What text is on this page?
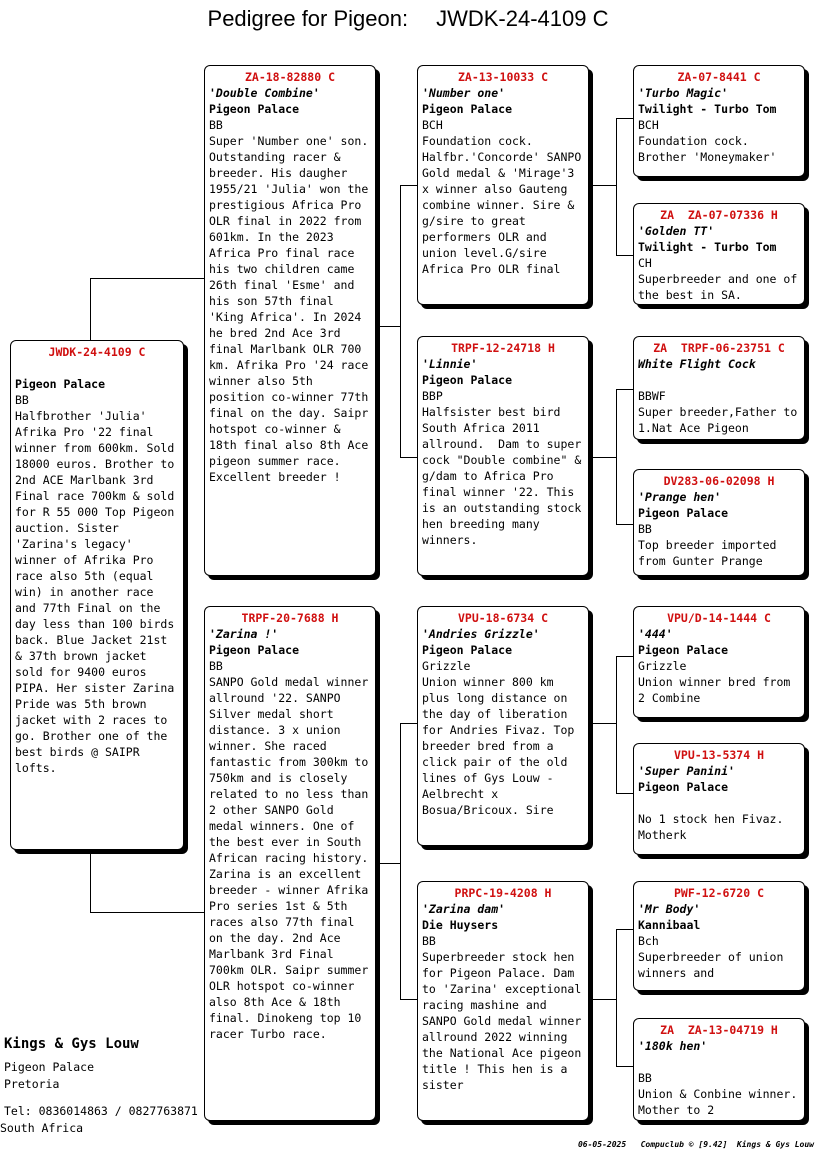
Pedigree for Pigeon: JWDK-24-4109 C
JWDK-24-4109 C
Pigeon Palace
BB
Halfbrother 'Julia' Afrika Pro '22 final winner from 600km. Sold 18000 euros. Brother to 2nd ACE Marlbank 3rd Final race 700km & sold for R 55 000 Top Pigeon auction. Sister 'Zarina's legacy' winner of Afrika Pro race also 5th (equal win) in another race and 77th Final on the day less than 100 birds back. Blue Jacket 21st & 37th brown jacket sold for 9400 euros PIPA. Her sister Zarina Pride was 5th brown jacket with 2 races to go. Brother one of the best birds @ SAIPR lofts.
ZA-18-82880 C
'Double Combine'
Pigeon Palace
BB
Super 'Number one' son. Outstanding racer & breeder. His daugher 1955/21 'Julia' won the prestigious Africa Pro OLR final in 2022 from 601km. In the 2023 Africa Pro final race his two children came 26th final 'Esme' and his son 57th final 'King Africa'. In 2024 he bred 2nd Ace 3rd final Marlbank OLR 700 km. Afrika Pro '24 race winner also 5th position co-winner 77th final on the day. Saipr hotspot co-winner & 18th final also 8th Ace pigeon summer race. Excellent breeder !
TRPF-20-7688 H
'Zarina !'
Pigeon Palace
BB
SANPO Gold medal winner allround '22. SANPO Silver medal short distance. 3 x union winner. She raced fantastic from 300km to 750km and is closely related to no less than 2 other SANPO Gold medal winners. One of the best ever in South African racing history. Zarina is an excellent breeder - winner Afrika Pro series 1st & 5th races also 77th final on the day. 2nd Ace Marlbank 3rd Final 700km OLR. Saipr summer OLR hotspot co-winner also 8th Ace & 18th final. Dinokeng top 10 racer Turbo race.
ZA-13-10033 C
'Number one'
Pigeon Palace
BCH
Foundation cock. Halfbr.'Concorde' SANPO Gold medal & 'Mirage'3 x winner also Gauteng combine winner. Sire & g/sire to great performers OLR and union level.G/sire Africa Pro OLR final
TRPF-12-24718 H
'Linnie'
Pigeon Palace
BBP
Halfsister best bird South Africa 2011 allround.  Dam to super cock "Double combine" & g/dam to Africa Pro final winner '22. This is an outstanding stock hen breeding many winners.
VPU-18-6734 C
'Andries Grizzle'
Pigeon Palace
Grizzle
Union winner 800 km plus long distance on the day of liberation for Andries Fivaz. Top breeder bred from a click pair of the old lines of Gys Louw - Aelbrecht x Bosua/Bricoux. Sire
PRPC-19-4208 H
'Zarina dam'
Die Huysers
BB
Superbreeder stock hen for Pigeon Palace. Dam to 'Zarina' exceptional racing mashine and SANPO Gold medal winner allround 2022 winning the National Ace pigeon title ! This hen is a sister
ZA-07-8441 C
'Turbo Magic'
Twilight - Turbo Tom
BCH
Foundation cock. Brother 'Moneymaker'
ZA  ZA-07-07336 H
'Golden TT'
Twilight - Turbo Tom
CH
Superbreeder and one of the best in SA.
ZA  TRPF-06-23751 C
White Flight Cock
BBWF
Super breeder,Father to 1.Nat Ace Pigeon
DV283-06-02098 H
'Prange hen'
Pigeon Palace
BB
Top breeder imported from Gunter Prange
VPU/D-14-1444 C
'444'
Pigeon Palace
Grizzle
Union winner bred from 2 Combine
VPU-13-5374 H
'Super Panini'
Pigeon Palace
No 1 stock hen Fivaz. Motherk
PWF-12-6720 C
'Mr Body'
Kannibaal
Bch
Superbreeder of union winners and
ZA  ZA-13-04719 H
'180k hen'
BB
Union & Conbine winner.  Mother to 2
Kings & Gys Louw
Pigeon Palace
Pretoria
Tel: 0836014863 / 0827763871
South Africa
06-05-2025   Compuclub © [9.42]  Kings & Gys Louw
